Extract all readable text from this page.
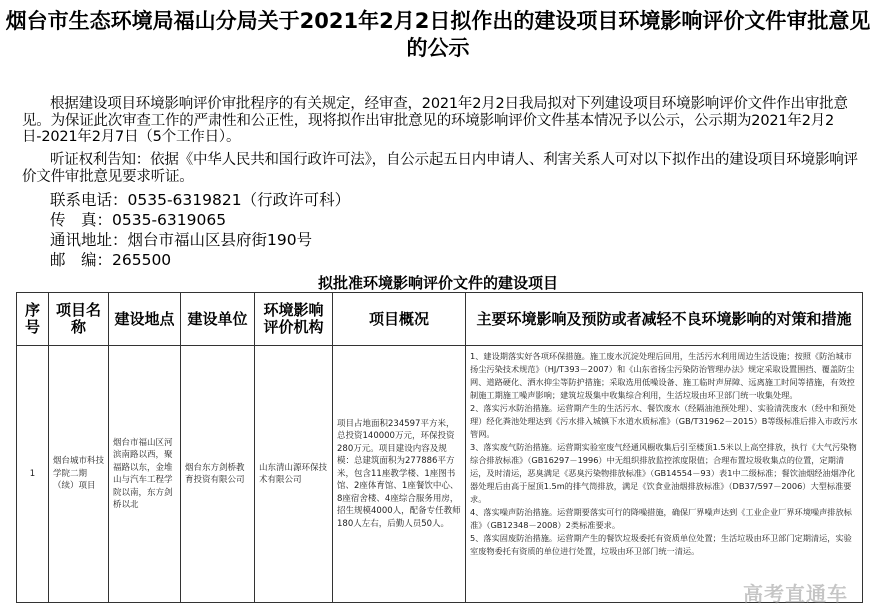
烟台市生态环境局福山分局关于2021年2月2日拟作出的建设项目环境影响评价文件审批意见的公示
根据建设项目环境影响评价审批程序的有关规定，经审查，2021年2月2日我局拟对下列建设项目环境影响评价文件作出审批意见。为保证此次审查工作的严肃性和公正性，现将拟作出审批意见的环境影响评价文件基本情况予以公示，公示期为2021年2月2日-2021年2月7日（5个工作日）。
听证权利告知：依据《中华人民共和国行政许可法》，自公示起五日内申请人、利害关系人可对以下拟作出的建设项目环境影响评价文件审批意见要求听证。
联系电话：0535-6319821（行政许可科）
传　真：0535-6319065
通讯地址：烟台市福山区县府街190号
邮　编：265500
拟批准环境影响评价文件的建设项目
序号	项目名称	建设地点	建设单位	环境影响评价机构	项目概况	主要环境影响及预防或者减轻不良环境影响的对策和措施
1	烟台城市科技学院二期（续）项目	烟台市福山区河滨南路以西，聚福路以东，金堆山与汽车工程学院以南，东方剑桥以北	烟台东方剑桥教育投资有限公司	山东清山源环保技术有限公司	项目占地面积234597平方米，总投资140000万元，环保投资280万元。项目建设内容及规模：总建筑面积为277886平方米，包含11座教学楼、1座图书馆、2座体育馆、1座餐饮中心、8座宿舍楼、4座综合服务用房，招生规模4000人，配备专任教师180人左右，后勤人员50人。	1、建设期落实好各项环保措施。施工废水沉淀处理后回用，生活污水利用周边生活设施；按照《防治城市扬尘污染技术规范》（HJ/T393－2007）和《山东省扬尘污染防治管理办法》规定采取设置围挡、覆盖防尘网、道路硬化、洒水抑尘等防护措施；采取选用低噪设备、施工临时声屏障、远离施工时间等措施，有效控制施工期施工噪声影响；建筑垃圾集中收集综合利用，生活垃圾由环卫部门统一收集处理。
2、落实污水防治措施。运营期产生的生活污水、餐饮废水（经隔油池预处理）、实验清洗废水（经中和预处理）经化粪池处理达到《污水排入城镇下水道水质标准》（GB/T31962－2015）B等级标准后排入市政污水管网。
3、落实废气防治措施。运营期实验室废气经通风橱收集后引至楼顶1.5米以上高空排放，执行《大气污染物综合排放标准》（GB16297－1996）中无组织排放监控浓度限值；合理布置垃圾收集点的位置，定期清运，及时清运，恶臭满足《恶臭污染物排放标准》（GB14554－93）表1中二级标准；餐饮油烟经油烟净化器处理后由高于屋顶1.5m的排气筒排放，满足《饮食业油烟排放标准》（DB37/597－2006）大型标准要求。
4、落实噪声防治措施。运营期要落实可行的降噪措施，确保厂界噪声达到《工业企业厂界环境噪声排放标准》（GB12348－2008）2类标准要求。
5、落实固废防治措施。运营期产生的餐饮垃圾委托有资质单位处置；生活垃圾由环卫部门定期清运，实验室废物委托有资质的单位进行处置，垃圾由环卫部门统一清运。
高考直通车
